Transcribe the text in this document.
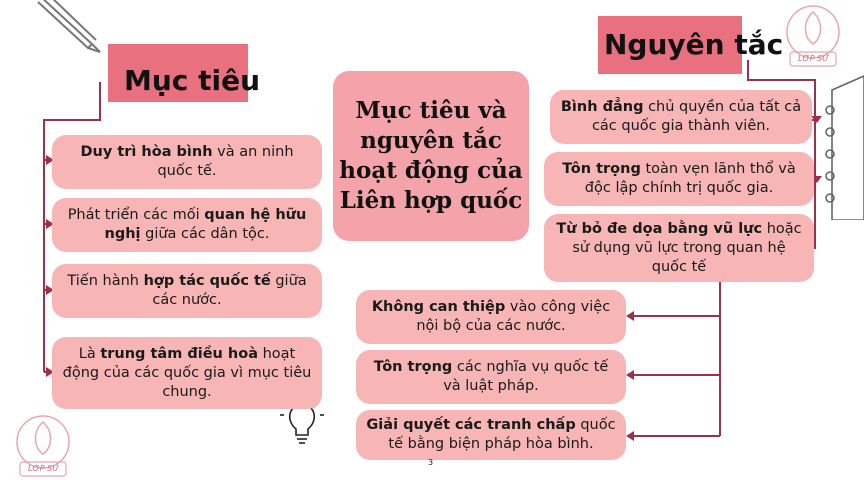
LỚP SỬ
LỚP SỬ
Mục tiêu
Nguyên tắc
Mục tiêu và nguyên tắc hoạt động của Liên hợp quốc
Duy trì hòa bình và an ninh quốc tế.
Phát triển các mối quan hệ hữu nghị giữa các dân tộc.
Tiến hành hợp tác quốc tế giữa các nước.
Là trung tâm điều hoà hoạt động của các quốc gia vì mục tiêu chung.
Bình đẳng chủ quyền của tất cả các quốc gia thành viên.
Tôn trọng toàn vẹn lãnh thổ và độc lập chính trị quốc gia.
Từ bỏ đe dọa bằng vũ lực hoặc sử dụng vũ lực trong quan hệ quốc tế
Không can thiệp vào công việc nội bộ của các nước.
Tôn trọng các nghĩa vụ quốc tế và luật pháp.
Giải quyết các tranh chấp quốc tế bằng biện pháp hòa bình.
3
